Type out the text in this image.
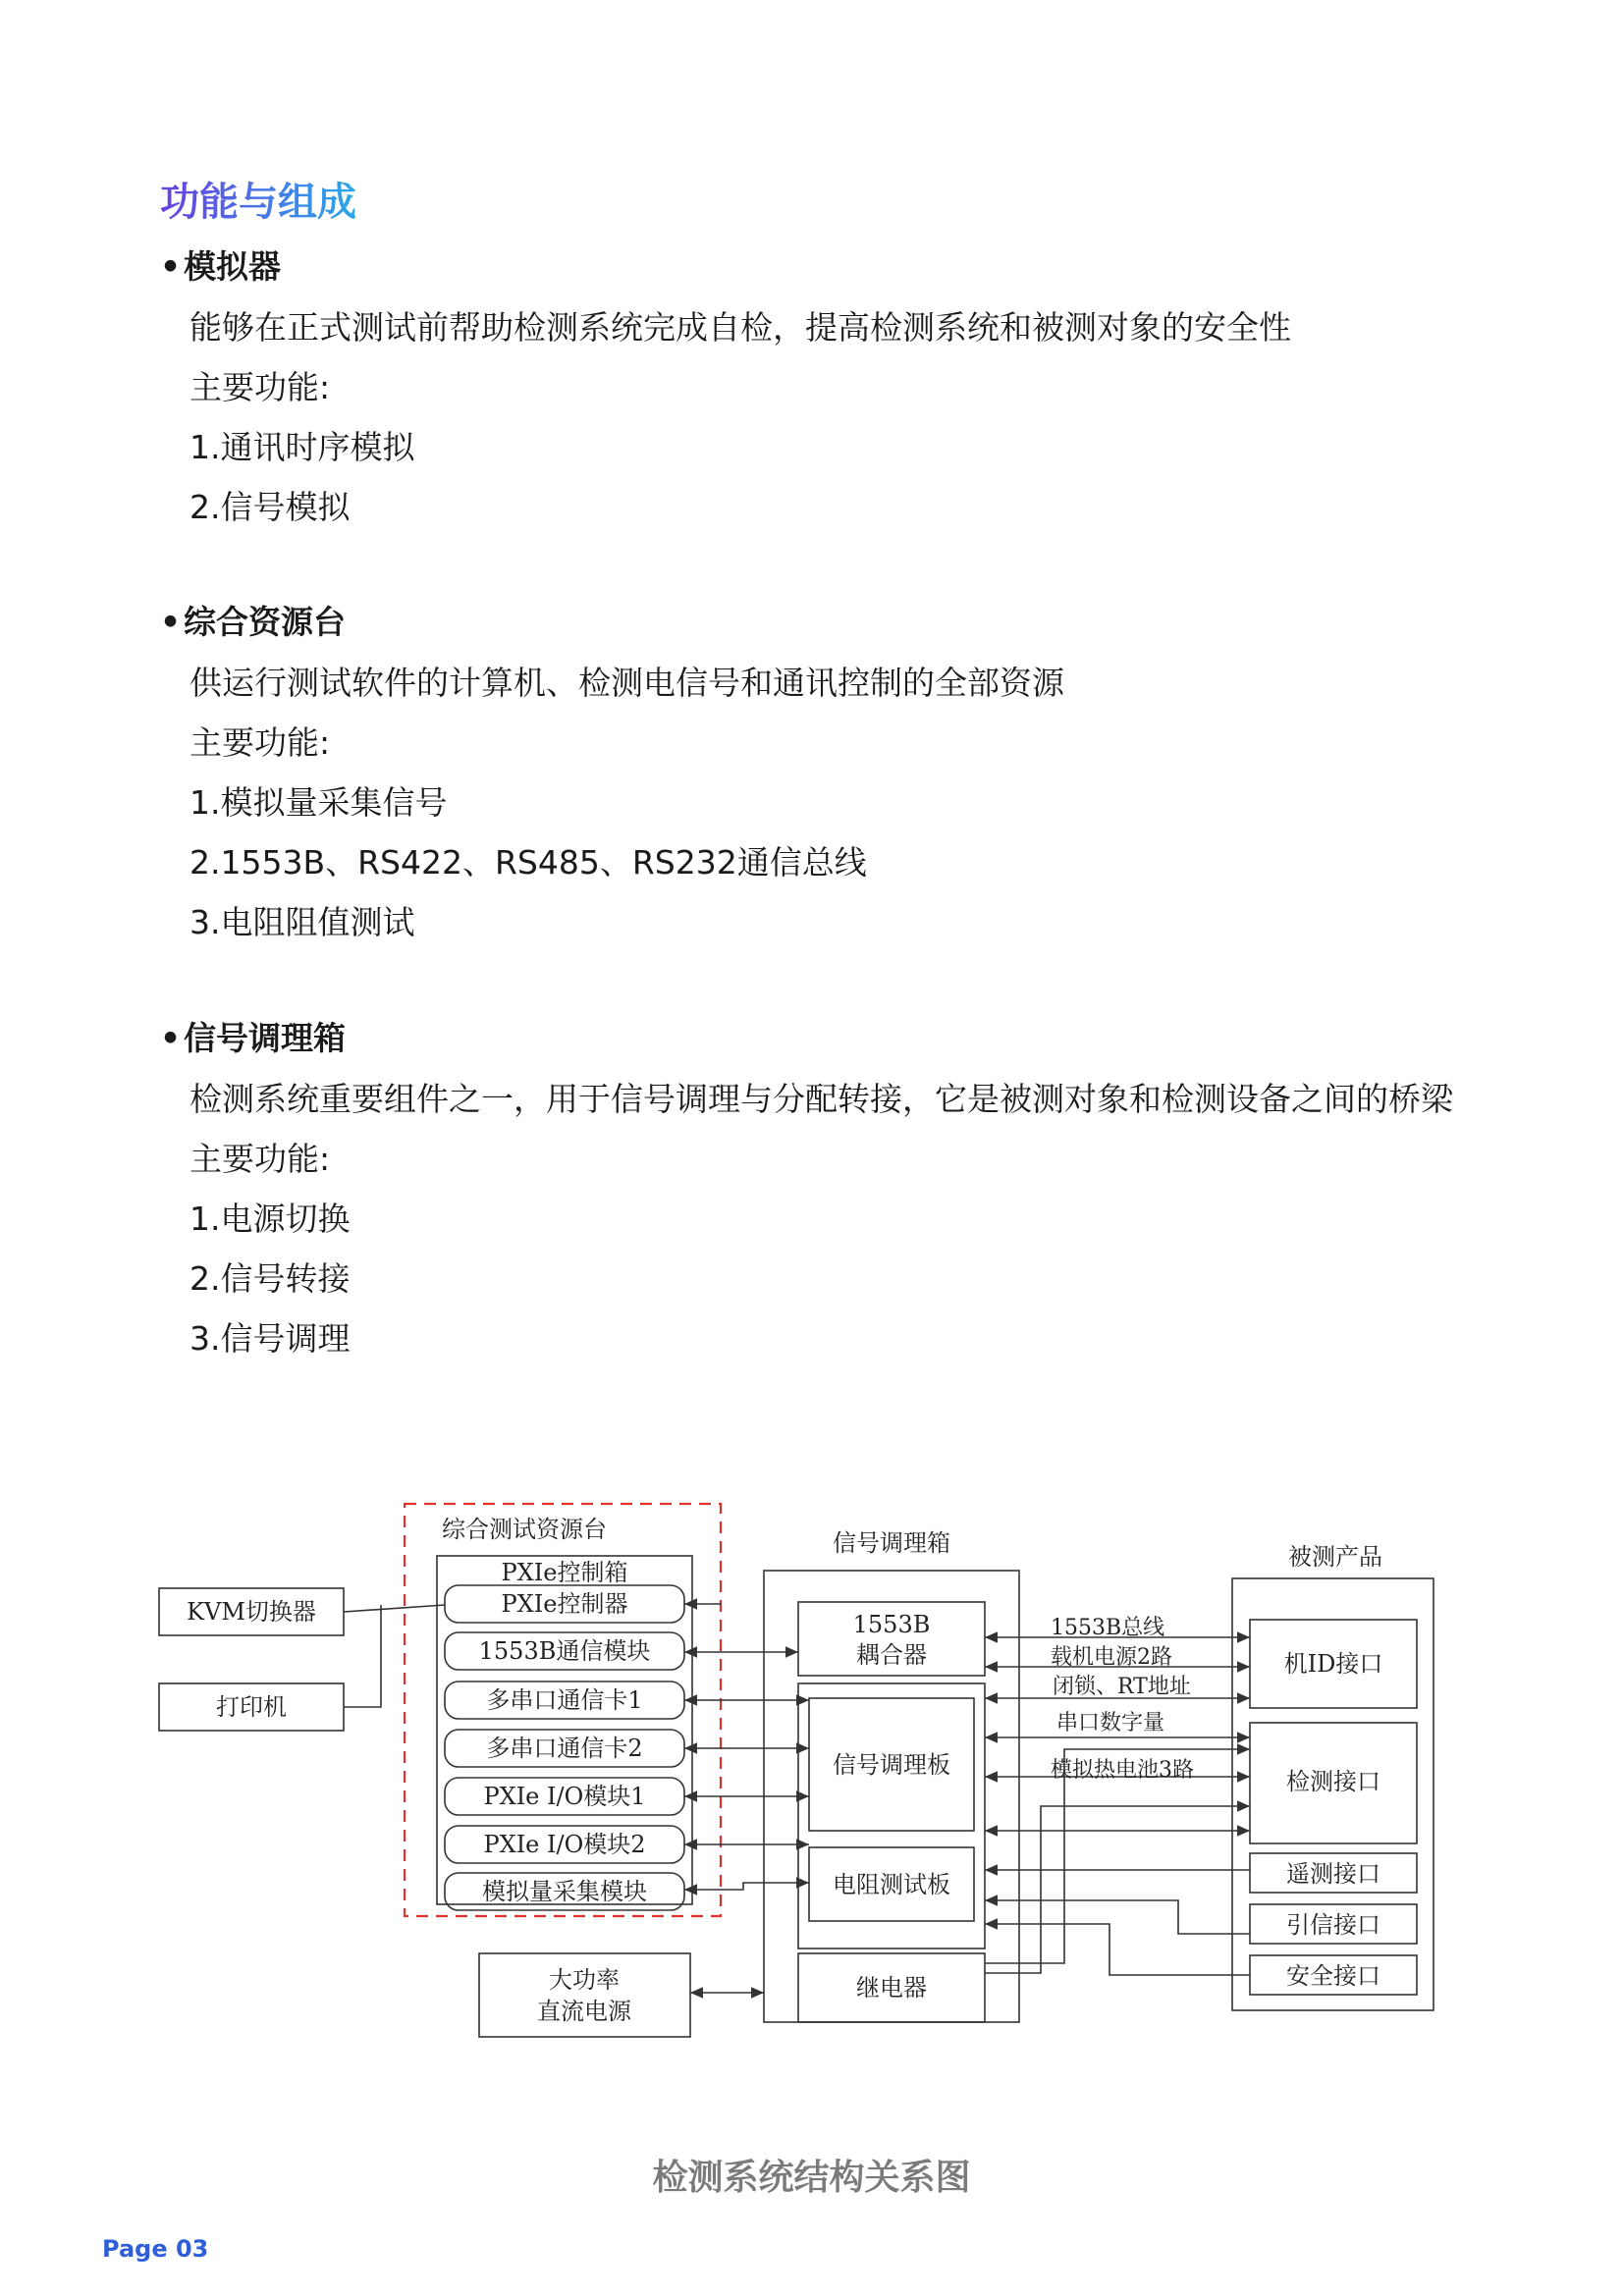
功能与组成
•模拟器
能够在正式测试前帮助检测系统完成自检，提高检测系统和被测对象的安全性
主要功能:
1.通讯时序模拟
2.信号模拟
•综合资源台
供运行测试软件的计算机、检测电信号和通讯控制的全部资源
主要功能:
1.模拟量采集信号
2.1553B、RS422、RS485、RS232通信总线
3.电阻阻值测试
•信号调理箱
检测系统重要组件之一，用于信号调理与分配转接，它是被测对象和检测设备之间的桥梁
主要功能:
1.电源切换
2.信号转接
3.信号调理
KVM切换器
打印机
综合测试资源台
PXIe控制箱
PXIe控制器
1553B通信模块
多串口通信卡1
多串口通信卡2
PXIe I/O模块1
PXIe I/O模块2
模拟量采集模块
大功率
直流电源
信号调理箱
1553B
耦合器
信号调理板
电阻测试板
继电器
被测产品
机ID接口
检测接口
遥测接口
引信接口
安全接口
1553B总线
载机电源2路
闭锁、RT地址
串口数字量
模拟热电池3路
检测系统结构关系图
Page 03
